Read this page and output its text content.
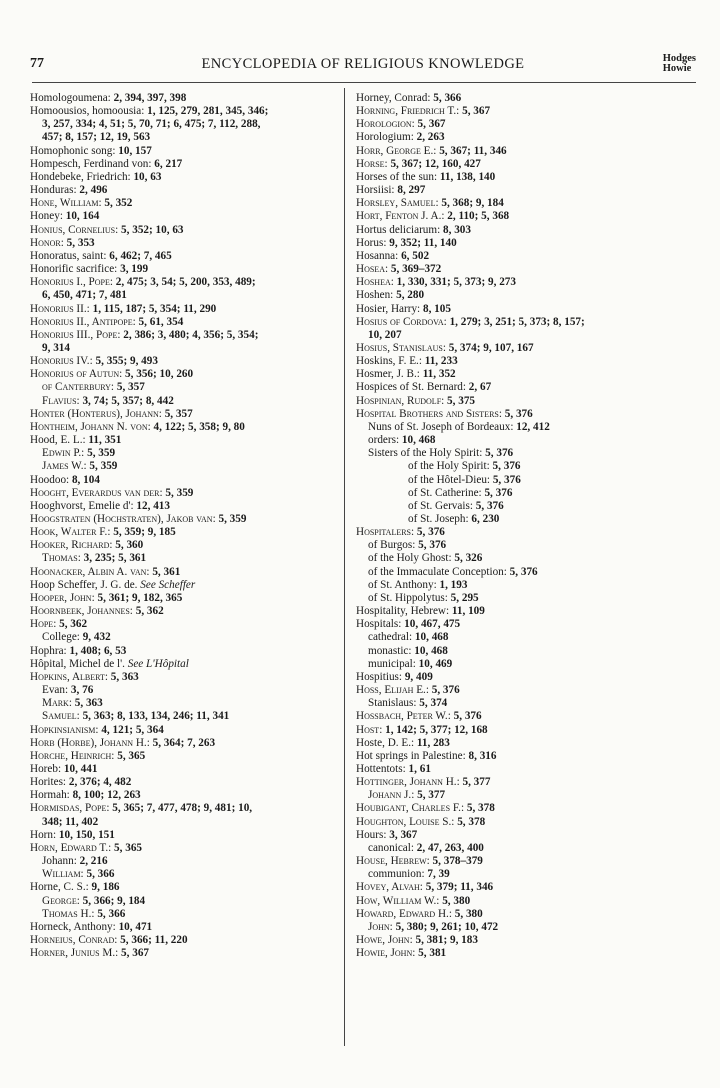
77	ENCYCLOPEDIA OF RELIGIOUS KNOWLEDGE	Hodges
Howie
Homologoumena: 2, 394, 397, 398
Homoousios, homoousia: 1, 125, 279, 281, 345, 346;
3, 257, 334; 4, 51; 5, 70, 71; 6, 475; 7, 112, 288,
457; 8, 157; 12, 19, 563
Homophonic song: 10, 157
Hompesch, Ferdinand von: 6, 217
Hondebeke, Friedrich: 10, 63
Honduras: 2, 496
Hone, William: 5, 352
Honey: 10, 164
Honius, Cornelius: 5, 352; 10, 63
Honor: 5, 353
Honoratus, saint: 6, 462; 7, 465
Honorific sacrifice: 3, 199
Honorius I., Pope: 2, 475; 3, 54; 5, 200, 353, 489;
6, 450, 471; 7, 481
Honorius II.: 1, 115, 187; 5, 354; 11, 290
Honorius II., Antipope: 5, 61, 354
Honorius III., Pope: 2, 386; 3, 480; 4, 356; 5, 354;
9, 314
Honorius IV.: 5, 355; 9, 493
Honorius of Autun: 5, 356; 10, 260
of Canterbury: 5, 357
Flavius: 3, 74; 5, 357; 8, 442
Honter (Honterus), Johann: 5, 357
Hontheim, Johann N. von: 4, 122; 5, 358; 9, 80
Hood, E. L.: 11, 351
Edwin P.: 5, 359
James W.: 5, 359
Hoodoo: 8, 104
Hooght, Everardus van der: 5, 359
Hooghvorst, Emelie d': 12, 413
Hoogstraten (Hochstraten), Jakob van: 5, 359
Hook, Walter F.: 5, 359; 9, 185
Hooker, Richard: 5, 360
Thomas: 3, 235; 5, 361
Hoonacker, Albin A. van: 5, 361
Hoop Scheffer, J. G. de. See Scheffer
Hooper, John: 5, 361; 9, 182, 365
Hoornbeek, Johannes: 5, 362
Hope: 5, 362
College: 9, 432
Hophra: 1, 408; 6, 53
Hôpital, Michel de l'. See L'Hôpital
Hopkins, Albert: 5, 363
Evan: 3, 76
Mark: 5, 363
Samuel: 5, 363; 8, 133, 134, 246; 11, 341
Hopkinsianism: 4, 121; 5, 364
Horb (Horbe), Johann H.: 5, 364; 7, 263
Horche, Heinrich: 5, 365
Horeb: 10, 441
Horites: 2, 376; 4, 482
Hormah: 8, 100; 12, 263
Hormisdas, Pope: 5, 365; 7, 477, 478; 9, 481; 10,
348; 11, 402
Horn: 10, 150, 151
Horn, Edward T.: 5, 365
Johann: 2, 216
William: 5, 366
Horne, C. S.: 9, 186
George: 5, 366; 9, 184
Thomas H.: 5, 366
Horneck, Anthony: 10, 471
Horneius, Conrad: 5, 366; 11, 220
Horner, Junius M.: 5, 367
Horney, Conrad: 5, 366
Horning, Friedrich T.: 5, 367
Horologion: 5, 367
Horologium: 2, 263
Horr, George E.: 5, 367; 11, 346
Horse: 5, 367; 12, 160, 427
Horses of the sun: 11, 138, 140
Horsiisi: 8, 297
Horsley, Samuel: 5, 368; 9, 184
Hort, Fenton J. A.: 2, 110; 5, 368
Hortus deliciarum: 8, 303
Horus: 9, 352; 11, 140
Hosanna: 6, 502
Hosea: 5, 369–372
Hoshea: 1, 330, 331; 5, 373; 9, 273
Hoshen: 5, 280
Hosier, Harry: 8, 105
Hosius of Cordova: 1, 279; 3, 251; 5, 373; 8, 157;
10, 207
Hosius, Stanislaus: 5, 374; 9, 107, 167
Hoskins, F. E.: 11, 233
Hosmer, J. B.: 11, 352
Hospices of St. Bernard: 2, 67
Hospinian, Rudolf: 5, 375
Hospital Brothers and Sisters: 5, 376
Nuns of St. Joseph of Bordeaux: 12, 412
orders: 10, 468
Sisters of the Holy Spirit: 5, 376
of the Holy Spirit: 5, 376
of the Hôtel-Dieu: 5, 376
of St. Catherine: 5, 376
of St. Gervais: 5, 376
of St. Joseph: 6, 230
Hospitalers: 5, 376
of Burgos: 5, 376
of the Holy Ghost: 5, 326
of the Immaculate Conception: 5, 376
of St. Anthony: 1, 193
of St. Hippolytus: 5, 295
Hospitality, Hebrew: 11, 109
Hospitals: 10, 467, 475
cathedral: 10, 468
monastic: 10, 468
municipal: 10, 469
Hospitius: 9, 409
Hoss, Elijah E.: 5, 376
Stanislaus: 5, 374
Hossbach, Peter W.: 5, 376
Host: 1, 142; 5, 377; 12, 168
Hoste, D. E.: 11, 283
Hot springs in Palestine: 8, 316
Hottentots: 1, 61
Hottinger, Johann H.: 5, 377
Johann J.: 5, 377
Houbigant, Charles F.: 5, 378
Houghton, Louise S.: 5, 378
Hours: 3, 367
canonical: 2, 47, 263, 400
House, Hebrew: 5, 378–379
communion: 7, 39
Hovey, Alvah: 5, 379; 11, 346
How, William W.: 5, 380
Howard, Edward H.: 5, 380
John: 5, 380; 9, 261; 10, 472
Howe, John: 5, 381; 9, 183
Howie, John: 5, 381
